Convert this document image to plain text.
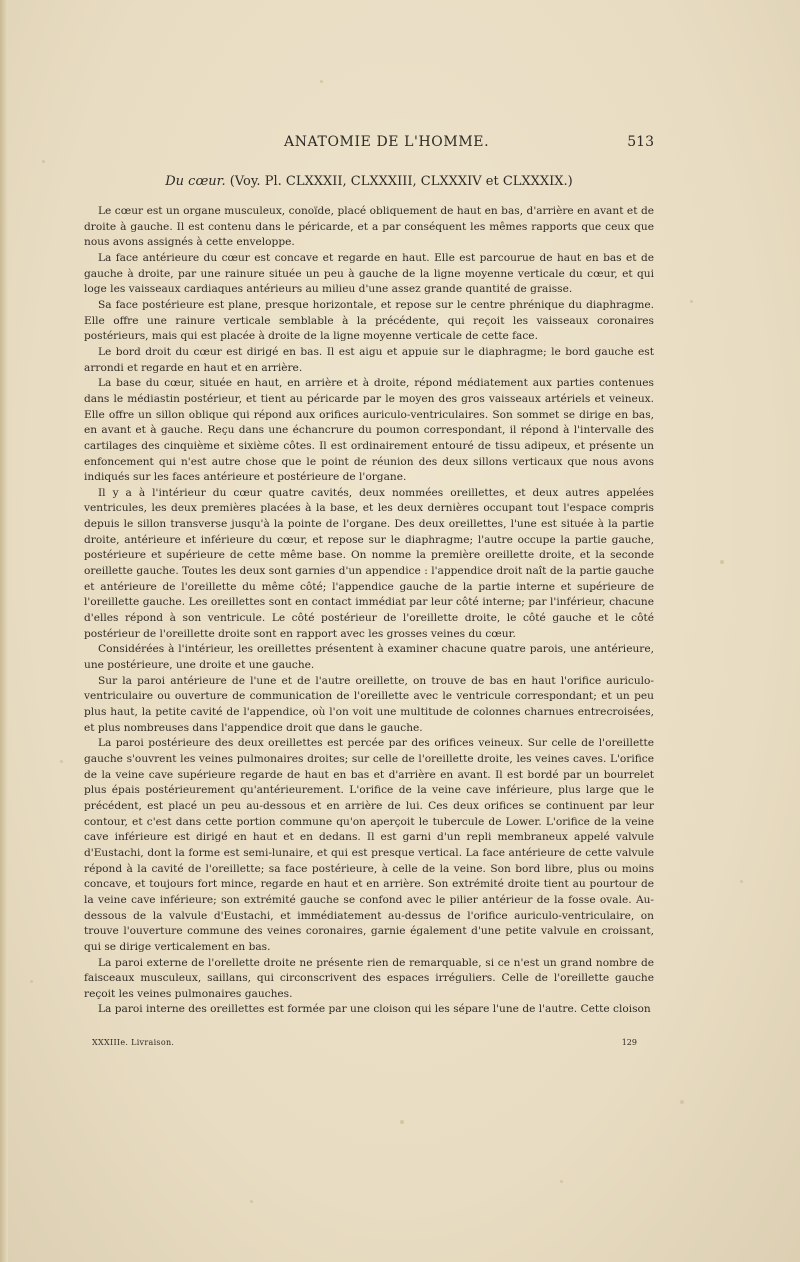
ANATOMIE DE L'HOMME.	513
Du cœur. (Voy. Pl. CLXXXII, CLXXXIII, CLXXXIV et CLXXXIX.)

Le cœur est un organe musculeux, conoïde, placé obliquement de haut en bas, d'arrière en avant et de droite à gauche. Il est contenu dans le péricarde, et a par conséquent les mêmes rapports que ceux que nous avons assignés à cette enveloppe.

La face antérieure du cœur est concave et regarde en haut. Elle est parcourue de haut en bas et de gauche à droite, par une rainure située un peu à gauche de la ligne moyenne verticale du cœur, et qui loge les vaisseaux cardiaques antérieurs au milieu d'une assez grande quantité de graisse.

Sa face postérieure est plane, presque horizontale, et repose sur le centre phrénique du diaphragme. Elle offre une rainure verticale semblable à la précédente, qui reçoit les vaisseaux coronaires postérieurs, mais qui est placée à droite de la ligne moyenne verticale de cette face.

Le bord droit du cœur est dirigé en bas. Il est aigu et appuie sur le diaphragme; le bord gauche est arrondi et regarde en haut et en arrière.

La base du cœur, située en haut, en arrière et à droite, répond médiatement aux parties contenues dans le médiastin postérieur, et tient au péricarde par le moyen des gros vaisseaux artériels et veineux. Elle offre un sillon oblique qui répond aux orifices auriculo-ventriculaires. Son sommet se dirige en bas, en avant et à gauche. Reçu dans une échancrure du poumon correspondant, il répond à l'intervalle des cartilages des cinquième et sixième côtes. Il est ordinairement entouré de tissu adipeux, et présente un enfoncement qui n'est autre chose que le point de réunion des deux sillons verticaux que nous avons indiqués sur les faces antérieure et postérieure de l'organe.

Il y a à l'intérieur du cœur quatre cavités, deux nommées oreillettes, et deux autres appelées ventricules, les deux premières placées à la base, et les deux dernières occupant tout l'espace compris depuis le sillon transverse jusqu'à la pointe de l'organe. Des deux oreillettes, l'une est située à la partie droite, antérieure et inférieure du cœur, et repose sur le diaphragme; l'autre occupe la partie gauche, postérieure et supérieure de cette même base. On nomme la première oreillette droite, et la seconde oreillette gauche. Toutes les deux sont garnies d'un appendice : l'appendice droit naît de la partie gauche et antérieure de l'oreillette du même côté; l'appendice gauche de la partie interne et supérieure de l'oreillette gauche. Les oreillettes sont en contact immédiat par leur côté interne; par l'inférieur, chacune d'elles répond à son ventricule. Le côté postérieur de l'oreillette droite, le côté gauche et le côté postérieur de l'oreillette droite sont en rapport avec les grosses veines du cœur.

Considérées à l'intérieur, les oreillettes présentent à examiner chacune quatre parois, une antérieure, une postérieure, une droite et une gauche.

Sur la paroi antérieure de l'une et de l'autre oreillette, on trouve de bas en haut l'orifice auriculo-ventriculaire ou ouverture de communication de l'oreillette avec le ventricule correspondant; et un peu plus haut, la petite cavité de l'appendice, où l'on voit une multitude de colonnes charnues entrecroisées, et plus nombreuses dans l'appendice droit que dans le gauche.

La paroi postérieure des deux oreillettes est percée par des orifices veineux. Sur celle de l'oreillette gauche s'ouvrent les veines pulmonaires droites; sur celle de l'oreillette droite, les veines caves. L'orifice de la veine cave supérieure regarde de haut en bas et d'arrière en avant. Il est bordé par un bourrelet plus épais postérieurement qu'antérieurement. L'orifice de la veine cave inférieure, plus large que le précédent, est placé un peu au-dessous et en arrière de lui. Ces deux orifices se continuent par leur contour, et c'est dans cette portion commune qu'on aperçoit le tubercule de Lower. L'orifice de la veine cave inférieure est dirigé en haut et en dedans. Il est garni d'un repli membraneux appelé valvule d'Eustachi, dont la forme est semi-lunaire, et qui est presque vertical. La face antérieure de cette valvule répond à la cavité de l'oreillette; sa face postérieure, à celle de la veine. Son bord libre, plus ou moins concave, et toujours fort mince, regarde en haut et en arrière. Son extrémité droite tient au pourtour de la veine cave inférieure; son extrémité gauche se confond avec le pilier antérieur de la fosse ovale. Au-dessous de la valvule d'Eustachi, et immédiatement au-dessus de l'orifice auriculo-ventriculaire, on trouve l'ouverture commune des veines coronaires, garnie également d'une petite valvule en croissant, qui se dirige verticalement en bas.

La paroi externe de l'orellette droite ne présente rien de remarquable, si ce n'est un grand nombre de faisceaux musculeux, saillans, qui circonscrivent des espaces irréguliers. Celle de l'oreillette gauche reçoit les veines pulmonaires gauches.

La paroi interne des oreillettes est formée par une cloison qui les sépare l'une de l'autre. Cette cloison

XXXIIIe. Livraison.	129
